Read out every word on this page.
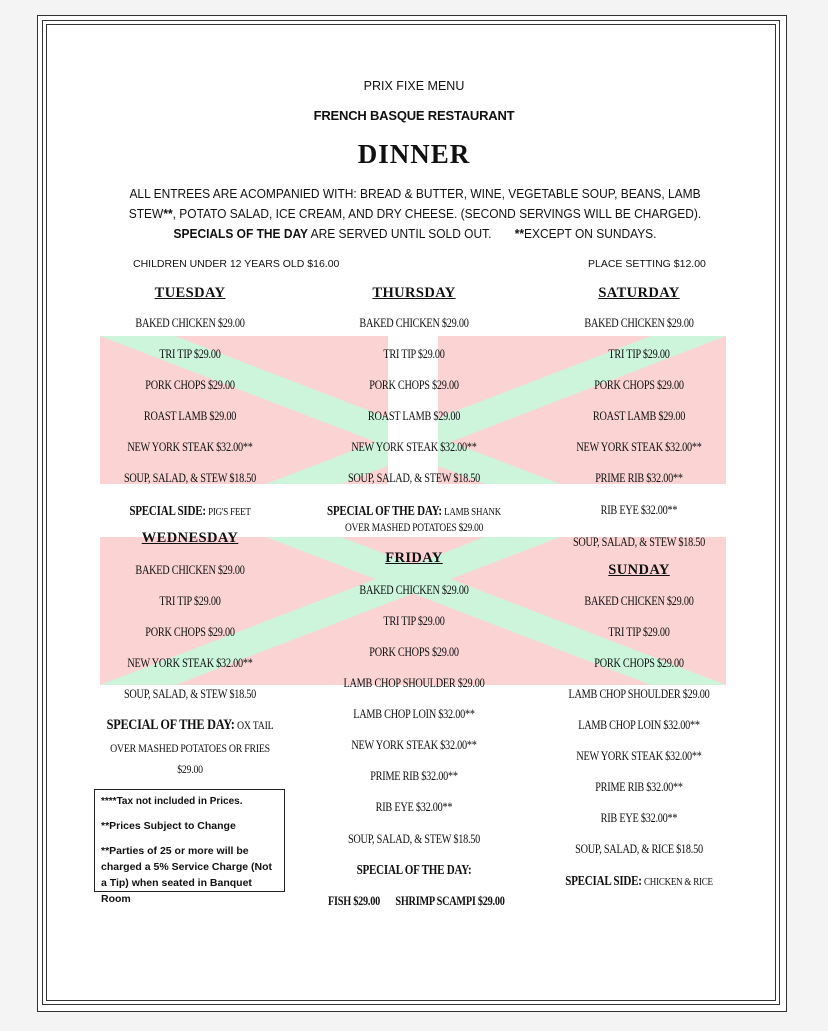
PRIX FIXE MENU
FRENCH BASQUE RESTAURANT
DINNER
ALL ENTREES ARE ACOMPANIED WITH: BREAD & BUTTER, WINE, VEGETABLE SOUP, BEANS, LAMB STEW**, POTATO SALAD, ICE CREAM, AND DRY CHEESE. (SECOND SERVINGS WILL BE CHARGED). SPECIALS OF THE DAY ARE SERVED UNTIL SOLD OUT. **EXCEPT ON SUNDAYS.
CHILDREN UNDER 12 YEARS OLD $16.00	PLACE SETTING $12.00
TUESDAY	THURSDAY	SATURDAY
BAKED CHICKEN $29.00
TRI TIP $29.00
PORK CHOPS $29.00
ROAST LAMB $29.00
NEW YORK STEAK $32.00**
SOUP, SALAD, & STEW $18.50
SPECIAL SIDE: PIG'S FEET
BAKED CHICKEN $29.00
TRI TIP $29.00
PORK CHOPS $29.00
ROAST LAMB $29.00
NEW YORK STEAK $32.00**
SOUP, SALAD, & STEW $18.50
SPECIAL OF THE DAY: LAMB SHANK
OVER MASHED POTATOES $29.00
BAKED CHICKEN $29.00
TRI TIP $29.00
PORK CHOPS $29.00
ROAST LAMB $29.00
NEW YORK STEAK $32.00**
PRIME RIB $32.00**
RIB EYE $32.00**
SOUP, SALAD, & STEW $18.50
WEDNESDAY
BAKED CHICKEN $29.00
TRI TIP $29.00
PORK CHOPS $29.00
NEW YORK STEAK $32.00**
SOUP, SALAD, & STEW $18.50
SPECIAL OF THE DAY: OX TAIL
OVER MASHED POTATOES OR FRIES
$29.00
FRIDAY
BAKED CHICKEN $29.00
TRI TIP $29.00
PORK CHOPS $29.00
LAMB CHOP SHOULDER $29.00
LAMB CHOP LOIN $32.00**
NEW YORK STEAK $32.00**
PRIME RIB $32.00**
RIB EYE $32.00**
SOUP, SALAD, & STEW $18.50
SPECIAL OF THE DAY:
FISH $29.00 SHRIMP SCAMPI $29.00
SUNDAY
BAKED CHICKEN $29.00
TRI TIP $29.00
PORK CHOPS $29.00
LAMB CHOP SHOULDER $29.00
LAMB CHOP LOIN $32.00**
NEW YORK STEAK $32.00**
PRIME RIB $32.00**
RIB EYE $32.00**
SOUP, SALAD, & RICE $18.50
SPECIAL SIDE: CHICKEN & RICE

****Tax not included in Prices.

**Prices Subject to Change

**Parties of 25 or more will be charged a 5% Service Charge (Not a Tip) when seated in Banquet Room
